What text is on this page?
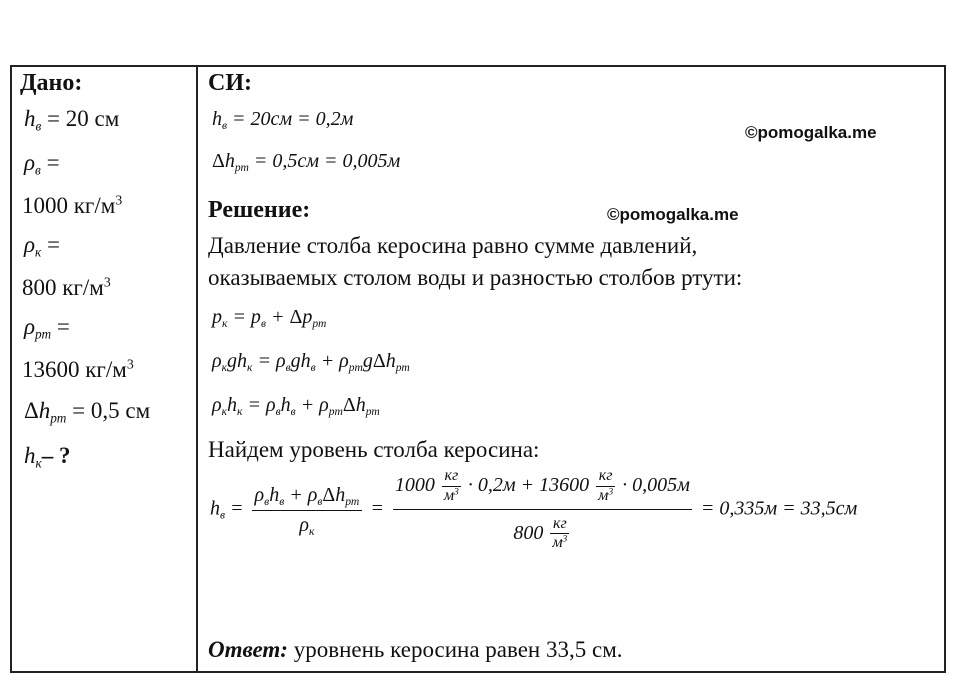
Дано:
$h_в = 20$ см
$\rho_в$ =
1000 $кг/м^3$
$\rho_к$ =
800 $кг/м^3$
$\rho_{рт}$ =
13600 $кг/м^3$
$\Delta h_{рт} = 0,5$ см
$h_к-$ ?
СИ:
$h_в = 20см = 0,2м$
$\Delta h_{рт} = 0,5см = 0,005м$
©pomogalka.me
©pomogalka.me
Решение:
Давление столба керосина равно сумме давлений,
оказываемых столом воды и разностью столбов ртути:
$p_к = p_в + \Delta p_{рт}$
$\rho_кgh_к = \rho_вgh_в + \rho_{рт}g\Delta h_{рт}$
$\rho_кh_к = \rho_вh_в + \rho_{рт}\Delta h_{рт}$
Найдем уровень столба керосина:
$h_в = \frac{\rho_вh_в + \rho_в\Delta h_{рт}}{\rho_к}$ =
1000 кг
$м^3 \cdot 0,2м + 13600$ кг
$м^3 \cdot 0,005м$
800 кг
$м^3$
= 0,335м = 33,5см
Ответ: уровнень керосина равен 33,5 см.
